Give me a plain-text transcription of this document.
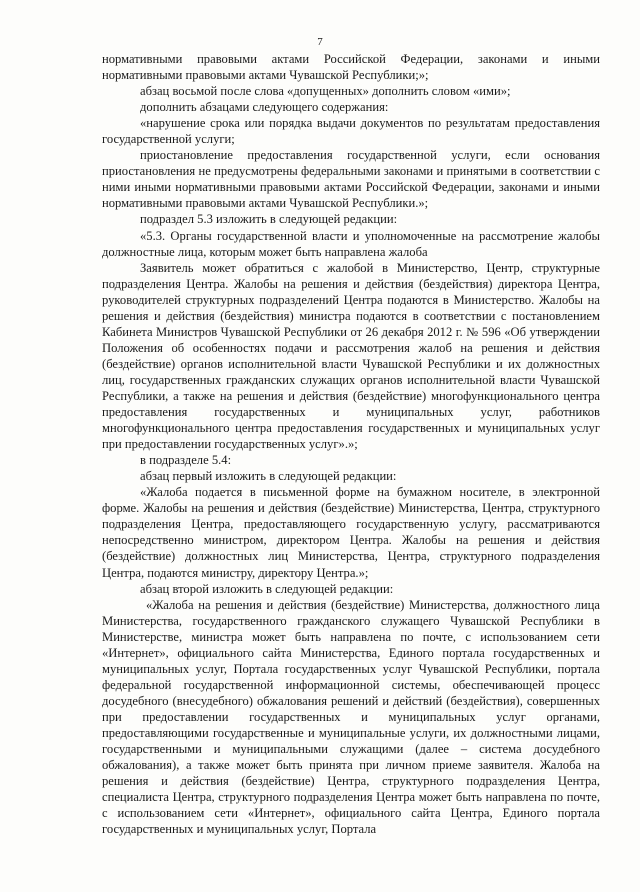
7

нормативными правовыми актами Российской Федерации, законами и иными нормативными правовыми актами Чувашской Республики;»;

абзац восьмой после слова «допущенных» дополнить словом «ими»;

дополнить абзацами следующего содержания:

«нарушение срока или порядка выдачи документов по результатам предоставления государственной услуги;

приостановление предоставления государственной услуги, если основания приостановления не предусмотрены федеральными законами и принятыми в соответствии с ними иными нормативными правовыми актами Российской Федерации, законами и иными нормативными правовыми актами Чувашской Республики.»;

подраздел 5.3 изложить в следующей редакции:

«5.3. Органы государственной власти и уполномоченные на рассмотрение жалобы должностные лица, которым может быть направлена жалоба

Заявитель может обратиться с жалобой в Министерство, Центр, структурные подразделения Центра. Жалобы на решения и действия (бездействия) директора Центра, руководителей структурных подразделений Центра подаются в Министерство. Жалобы на решения и действия (бездействия) министра подаются в соответствии с постановлением Кабинета Министров Чувашской Республики от 26 декабря 2012 г. № 596 «Об утверждении Положения об особенностях подачи и рассмотрения жалоб на решения и действия (бездействие) органов исполнительной власти Чувашской Республики и их должностных лиц, государственных гражданских служащих органов исполнительной власти Чувашской Республики, а также на решения и действия (бездействие) многофункционального центра предоставления государственных и муниципальных услуг, работников многофункционального центра предоставления государственных и муниципальных услуг при предоставлении государственных услуг».»;

в подразделе 5.4:

абзац первый изложить в следующей редакции:

«Жалоба подается в письменной форме на бумажном носителе, в электронной форме. Жалобы на решения и действия (бездействие) Министерства, Центра, структурного подразделения Центра, предоставляющего государственную услугу, рассматриваются непосредственно министром, директором Центра. Жалобы на решения и действия (бездействие) должностных лиц Министерства, Центра, структурного подразделения Центра, подаются министру, директору Центра.»;

абзац второй изложить в следующей редакции:

«Жалоба на решения и действия (бездействие) Министерства, должностного лица Министерства, государственного гражданского служащего Чувашской Республики в Министерстве, министра может быть направлена по почте, с использованием сети «Интернет», официального сайта Министерства, Единого портала государственных и муниципальных услуг, Портала государственных услуг Чувашской Республики, портала федеральной государственной информационной системы, обеспечивающей процесс досудебного (внесудебного) обжалования решений и действий (бездействия), совершенных при предоставлении государственных и муниципальных услуг органами, предоставляющими государственные и муниципальные услуги, их должностными лицами, государственными и муниципальными служащими (далее – система досудебного обжалования), а также может быть принята при личном приеме заявителя. Жалоба на решения и действия (бездействие) Центра, структурного подразделения Центра, специалиста Центра, структурного подразделения Центра может быть направлена по почте, с использованием сети «Интернет», официального сайта Центра, Единого портала государственных и муниципальных услуг, Портала
